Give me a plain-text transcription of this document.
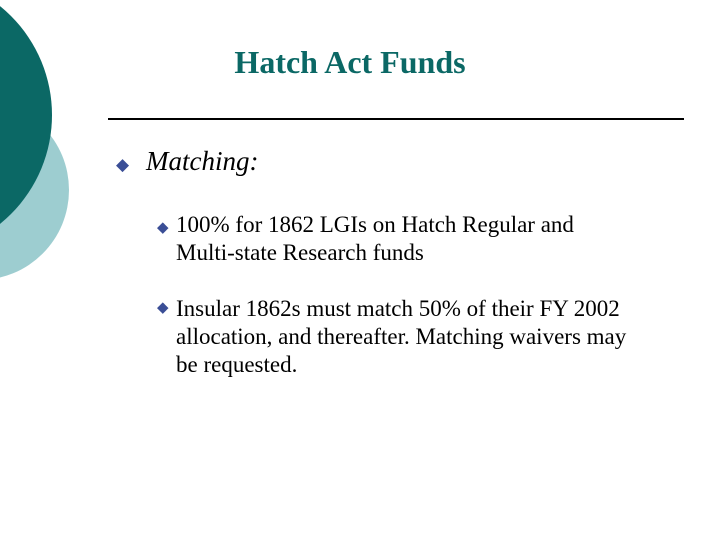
Hatch Act Funds
◆ Matching:
◆ 100% for 1862 LGIs on Hatch Regular and Multi-state Research funds
◆ Insular 1862s must match 50% of their FY 2002 allocation, and thereafter. Matching waivers may be requested.
